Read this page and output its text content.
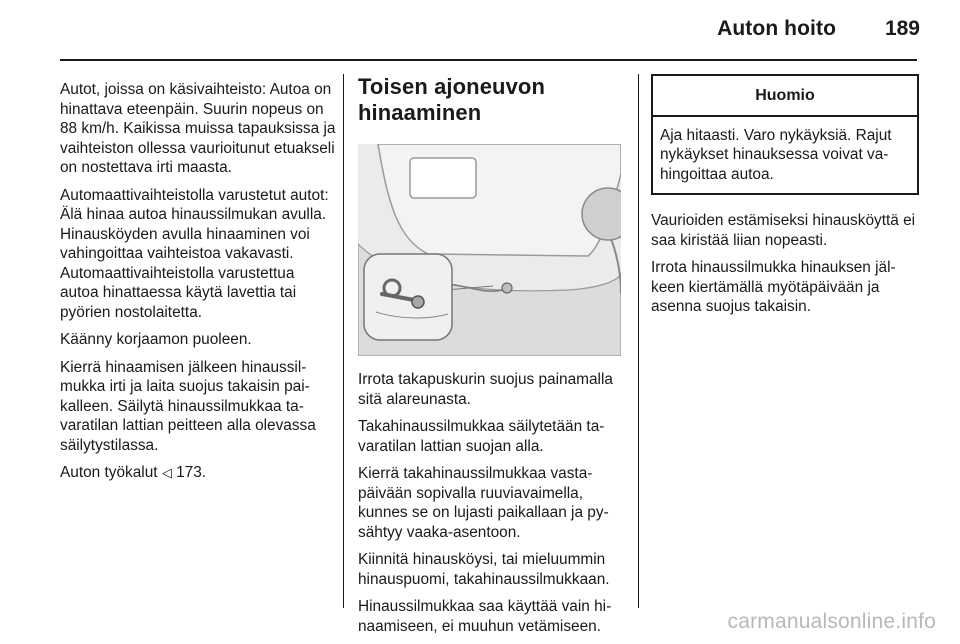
Auton hoito 189

Autot, joissa on käsivaihteisto: Autoa on hinattava eteenpäin. Suurin nopeus on 88 km/h. Kaikissa muissa tapauksissa ja vaihteiston ollessa vaurioitunut etuakseli on nostettava irti maasta.

Automaattivaihteistolla varustetut autot: Älä hinaa autoa hinaussilmukan avulla. Hinausköyden avulla hinaaminen voi vahingoittaa vaihteistoa vakavasti. Automaattivaihteistolla varustettua autoa hinattaessa käytä lavettia tai pyörien nostolaitetta.

Käänny korjaamon puoleen.

Kierrä hinaamisen jälkeen hinaussilmukka irti ja laita suojus takaisin paikalleen. Säilytä hinaussilmukkaa tavaratilan lattian peitteen alla olevassa säilytystilassa.

Auton työkalut ◁ 173.

Toisen ajoneuvon hinaaminen

Irrota takapuskurin suojus painamalla sitä alareunasta.

Takahinaussilmukkaa säilytetään tavaratilan lattian suojan alla.

Kierrä takahinaussilmukkaa vastapäivään sopivalla ruuviavaimella, kunnes se on lujasti paikallaan ja pysähtyy vaaka-asentoon.

Kiinnitä hinausköysi, tai mieluummin hinauspuomi, takahinaussilmukkaan.

Hinaussilmukkaa saa käyttää vain hinaamiseen, ei muuhun vetämiseen.

Huomio
Aja hitaasti. Varo nykäyksiä. Rajut nykäykset hinauksessa voivat vahingoittaa autoa.

Vaurioiden estämiseksi hinausköyttä ei saa kiristää liian nopeasti.

Irrota hinaussilmukka hinauksen jälkeen kiertämällä myötäpäivään ja asenna suojus takaisin.

carmanualsonline.info
